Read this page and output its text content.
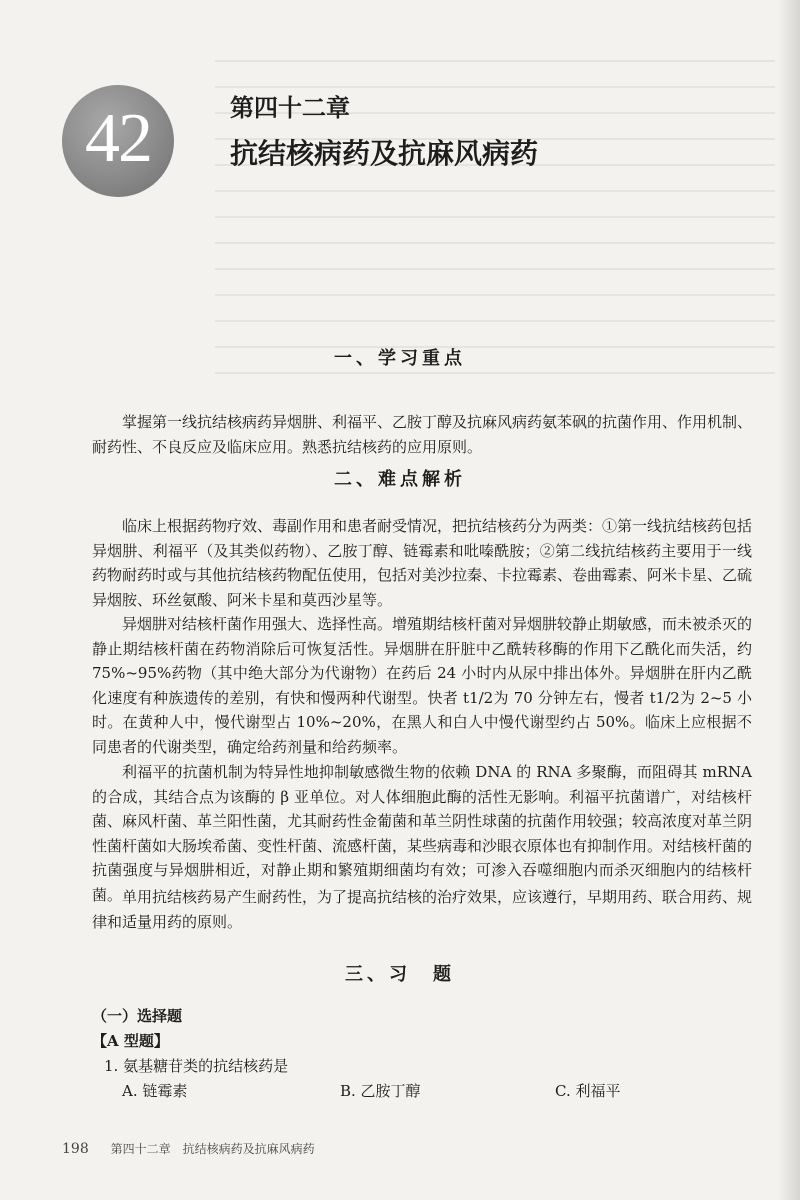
42	第四十二章
抗结核病药及抗麻风病药
一、学习重点

掌握第一线抗结核病药异烟肼、利福平、乙胺丁醇及抗麻风病药氨苯砜的抗菌作用、作用机制、耐药性、不良反应及临床应用。熟悉抗结核药的应用原则。

二、难点解析

临床上根据药物疗效、毒副作用和患者耐受情况，把抗结核药分为两类：①第一线抗结核药包括异烟肼、利福平（及其类似药物）、乙胺丁醇、链霉素和吡嗪酰胺；②第二线抗结核药主要用于一线药物耐药时或与其他抗结核药物配伍使用，包括对美沙拉秦、卡拉霉素、卷曲霉素、阿米卡星、乙硫异烟胺、环丝氨酸、阿米卡星和莫西沙星等。

异烟肼对结核杆菌作用强大、选择性高。增殖期结核杆菌对异烟肼较静止期敏感，而未被杀灭的静止期结核杆菌在药物消除后可恢复活性。异烟肼在肝脏中乙酰转移酶的作用下乙酰化而失活，约 75%~95%药物（其中绝大部分为代谢物）在药后 24 小时内从尿中排出体外。异烟肼在肝内乙酰化速度有种族遗传的差别，有快和慢两种代谢型。快者 t1/2为 70 分钟左右，慢者 t1/2为 2~5 小时。在黄种人中，慢代谢型占 10%~20%，在黑人和白人中慢代谢型约占 50%。临床上应根据不同患者的代谢类型，确定给药剂量和给药频率。

利福平的抗菌机制为特异性地抑制敏感微生物的依赖 DNA 的 RNA 多聚酶，而阻碍其 mRNA 的合成，其结合点为该酶的 β 亚单位。对人体细胞此酶的活性无影响。利福平抗菌谱广，对结核杆菌、麻风杆菌、革兰阳性菌，尤其耐药性金葡菌和革兰阴性球菌的抗菌作用较强；较高浓度对革兰阴性菌杆菌如大肠埃希菌、变性杆菌、流感杆菌，某些病毒和沙眼衣原体也有抑制作用。对结核杆菌的抗菌强度与异烟肼相近，对静止期和繁殖期细菌均有效；可渗入吞噬细胞内而杀灭细胞内的结核杆菌。 单用抗结核药易产生耐药性，为了提高抗结核的治疗效果，应该遵行，早期用药、联合用药、规律和适量用药的原则。

三、习　题
（一）选择题
【A 型题】
1. 氨基糖苷类的抗结核药是
A. 链霉素	B. 乙胺丁醇	C. 利福平
198 第四十二章　抗结核病药及抗麻风病药
